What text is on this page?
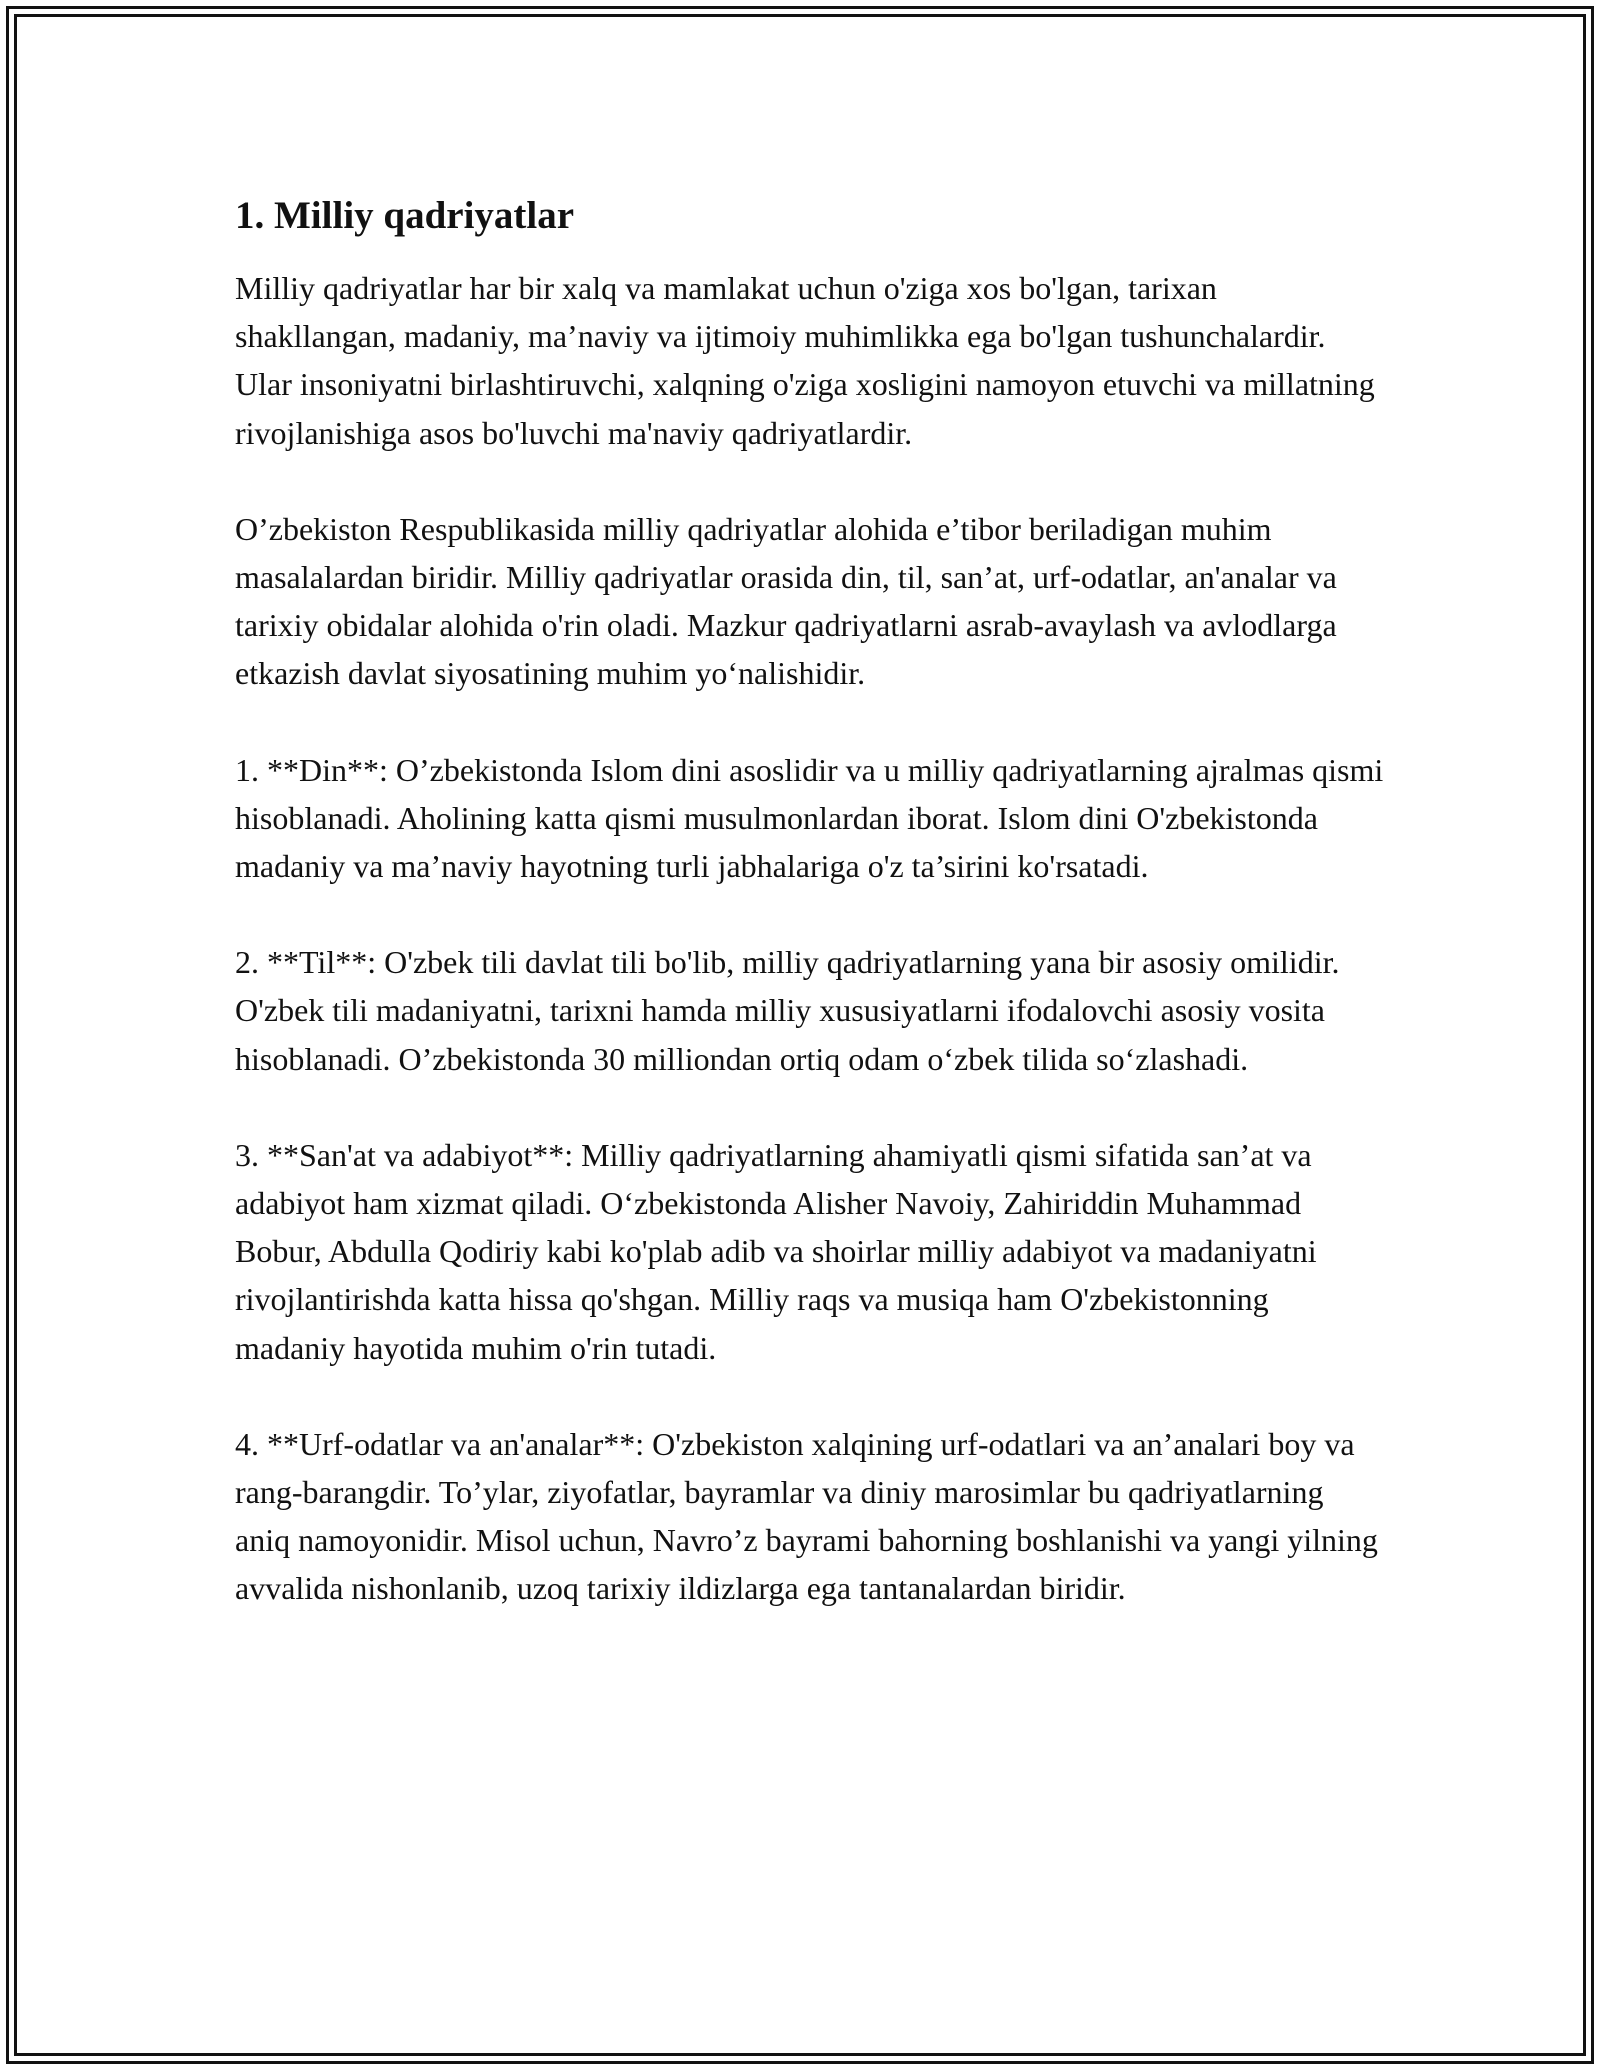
1. Milliy qadriyatlar

Milliy qadriyatlar har bir xalq va mamlakat uchun o'ziga xos bo'lgan, tarixan shakllangan, madaniy, ma’naviy va ijtimoiy muhimlikka ega bo'lgan tushunchalardir. Ular insoniyatni birlashtiruvchi, xalqning o'ziga xosligini namoyon etuvchi va millatning rivojlanishiga asos bo'luvchi ma'naviy qadriyatlardir.

O’zbekiston Respublikasida milliy qadriyatlar alohida e’tibor beriladigan muhim masalalardan biridir. Milliy qadriyatlar orasida din, til, san’at, urf-odatlar, an'analar va tarixiy obidalar alohida o'rin oladi. Mazkur qadriyatlarni asrab-avaylash va avlodlarga etkazish davlat siyosatining muhim yo‘nalishidir.

1. **Din**: O’zbekistonda Islom dini asoslidir va u milliy qadriyatlarning ajralmas qismi hisoblanadi. Aholining katta qismi musulmonlardan iborat. Islom dini O'zbekistonda madaniy va ma’naviy hayotning turli jabhalariga o'z ta’sirini ko'rsatadi.

2. **Til**: O'zbek tili davlat tili bo'lib, milliy qadriyatlarning yana bir asosiy omilidir. O'zbek tili madaniyatni, tarixni hamda milliy xususiyatlarni ifodalovchi asosiy vosita hisoblanadi. O’zbekistonda 30 milliondan ortiq odam o‘zbek tilida so‘zlashadi.

3. **San'at va adabiyot**: Milliy qadriyatlarning ahamiyatli qismi sifatida san’at va adabiyot ham xizmat qiladi. O‘zbekistonda Alisher Navoiy, Zahiriddin Muhammad Bobur, Abdulla Qodiriy kabi ko'plab adib va shoirlar milliy adabiyot va madaniyatni rivojlantirishda katta hissa qo'shgan. Milliy raqs va musiqa ham O'zbekistonning madaniy hayotida muhim o'rin tutadi.

4. **Urf-odatlar va an'analar**: O'zbekiston xalqining urf-odatlari va an’analari boy va rang-barangdir. To’ylar, ziyofatlar, bayramlar va diniy marosimlar bu qadriyatlarning aniq namoyonidir. Misol uchun, Navro’z bayrami bahorning boshlanishi va yangi yilning avvalida nishonlanib, uzoq tarixiy ildizlarga ega tantanalardan biridir.
